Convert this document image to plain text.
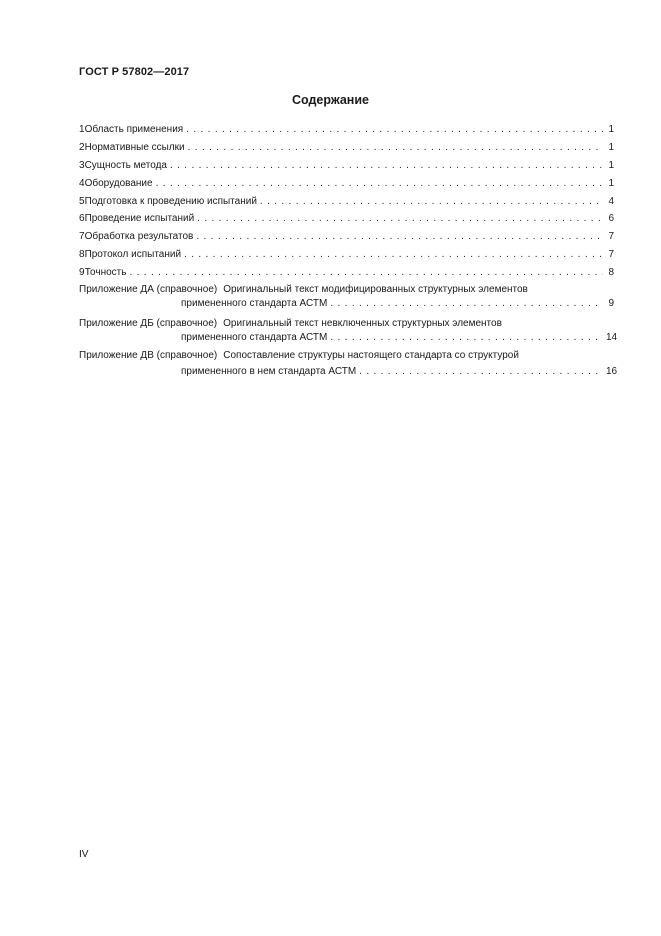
ГОСТ Р 57802—2017
Содержание
1 Область применения . . .	1
2 Нормативные ссылки . . .	1
3 Сущность метода . . .	1
4 Оборудование . . .	1
5 Подготовка к проведению испытаний . . .	4
6 Проведение испытаний . . .	6
7 Обработка результатов . . .	7
8 Протокол испытаний . . .	7
9 Точность . . .	8
Приложение ДА (справочное) Оригинальный текст модифицированных структурных элементов
примененного стандарта АСТМ . . .	9
Приложение ДБ (справочное) Оригинальный текст невключенных структурных элементов
примененного стандарта АСТМ . . .	14
Приложение ДВ (справочное) Сопоставление структуры настоящего стандарта со структурой
примененного в нем стандарта АСТМ . . .	16
IV
